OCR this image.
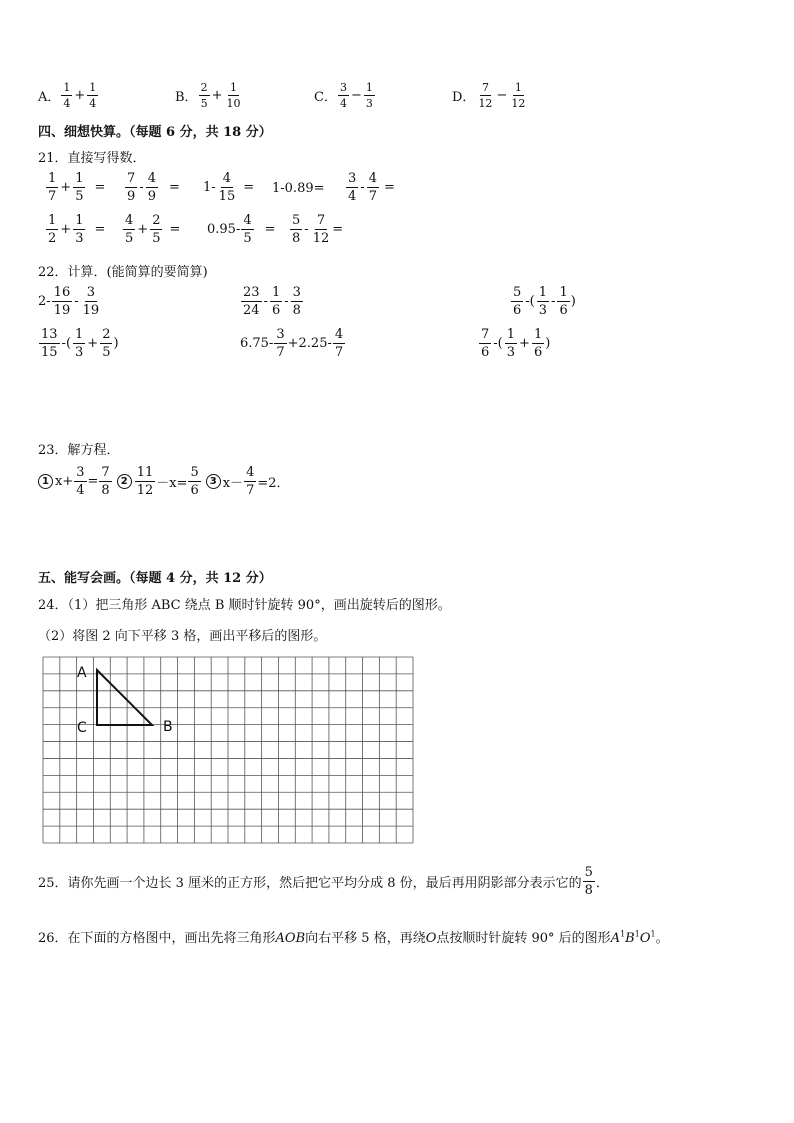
A． $\frac{1}{4} + \frac{1}{4}$	B． $\frac{2}{5} + \frac{1}{10}$	C． $\frac{3}{4} - \frac{1}{3}$	D． $\frac{7}{12} - \frac{1}{12}$
四、细想快算。（每题 6 分，共 18 分）
21．直接写得数．
$\frac{1}{7} + \frac{1}{5} = \frac{7}{9} - \frac{4}{9} = 1- \frac{4}{15} = 1-0.89= \frac{3}{4} - \frac{4}{7}$ =
$\frac{1}{2} + \frac{1}{3} = \frac{4}{5} + \frac{2}{5} = 0.95- \frac{4}{5} = \frac{5}{8} - \frac{7}{12}$ =
22．计算．(能简算的要简算)
$2- \frac{16}{19} - \frac{3}{19}$	$\frac{23}{24} - \frac{1}{6} - \frac{3}{8}$	$\frac{5}{6}$ -( $\frac{1}{3} - \frac{1}{6}$ )
$\frac{13}{15}$ -( $\frac{1}{3} + \frac{2}{5}$ )	$6.75- \frac{3}{7} +2.25- \frac{4}{7}$	$\frac{7}{6}$ -( $\frac{1}{3} + \frac{1}{6}$ )
23．解方程．
1 $x+ \frac{3}{4} = \frac{7}{8} 2 \frac{11}{12} -x= \frac{5}{6} 3$ $x- \frac{4}{7} =2$．
五、能写会画。（每题 4 分，共 12 分）
24．（1）把三角形 ABC 绕点 B 顺时针旋转 90°，画出旋转后的图形。
（2）将图 2 向下平移 3 格，画出平移后的图形。
A
C	B
25．请你先画一个边长 3 厘米的正方形，然后把它平均分成 8 份，最后再用阴影部分表示它的 $\frac{5}{8}$ ．
26．在下面的方格图中，画出先将三角形AOB向右平移 5 格，再绕O点按顺时针旋转 90° 后的图形$A^1B^1O^1$。
